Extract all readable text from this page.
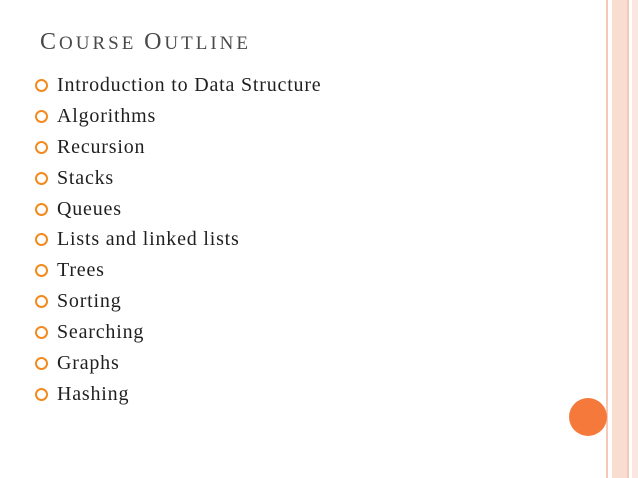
COURSE OUTLINE
Introduction to Data Structure
Algorithms
Recursion
Stacks
Queues
Lists and linked lists
Trees
Sorting
Searching
Graphs
Hashing
